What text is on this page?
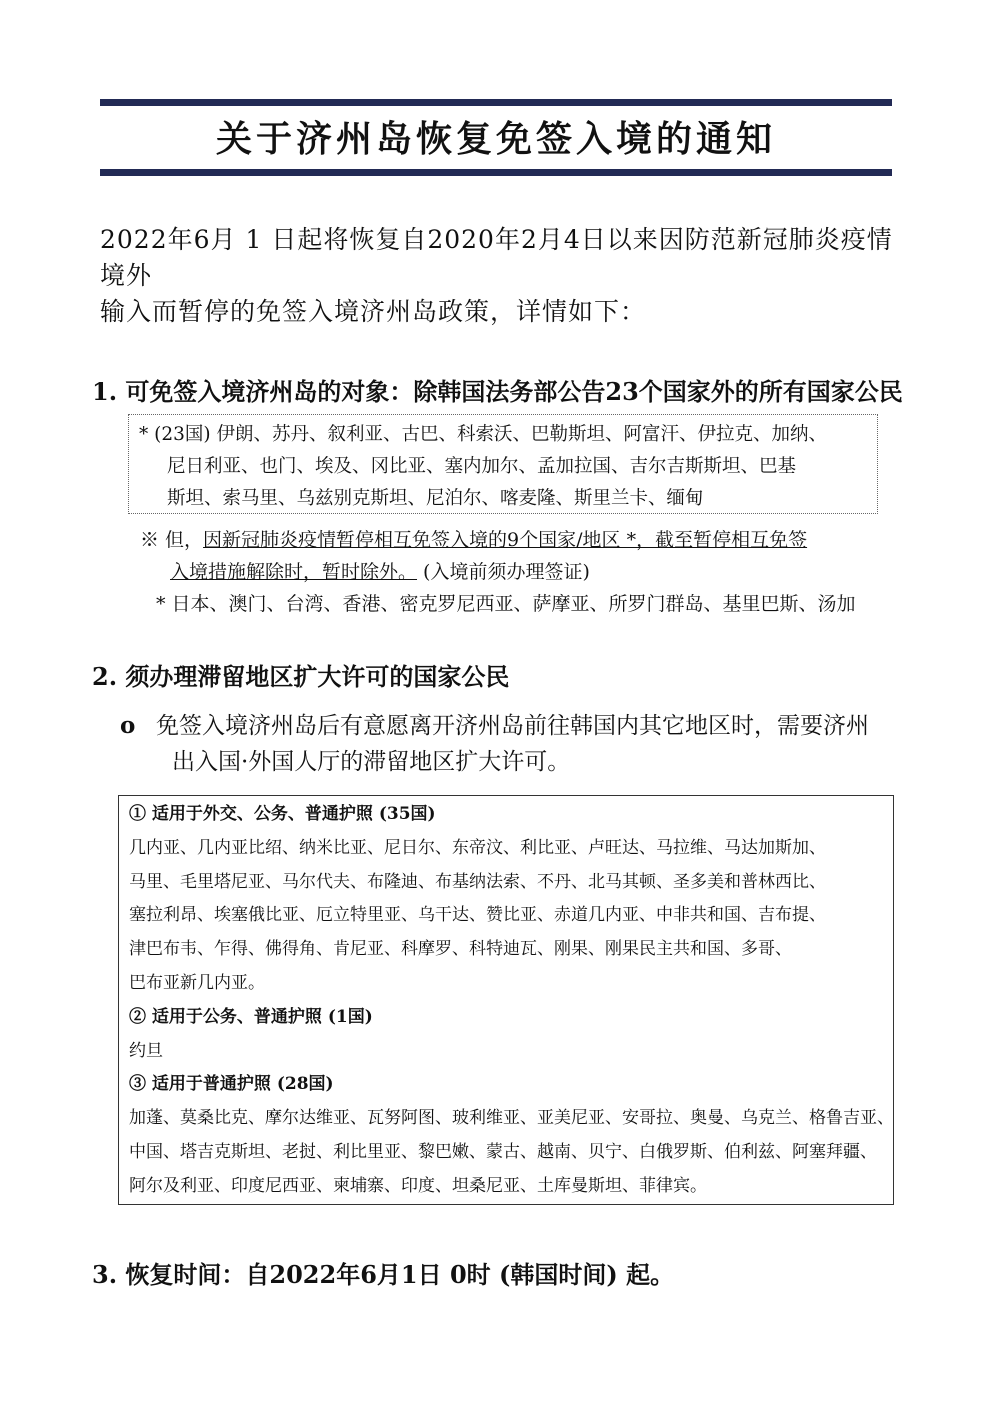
关于济州岛恢复免签入境的通知

2022年6月 1 日起将恢复自2020年2月4日以来因防范新冠肺炎疫情境外

输入而暂停的免签入境济州岛政策，详情如下：

1. 可免签入境济州岛的对象：除韩国法务部公告23个国家外的所有国家公民
* (23国) 伊朗、苏丹、叙利亚、古巴、科索沃、巴勒斯坦、阿富汗、伊拉克、加纳、
尼日利亚、也门、埃及、冈比亚、塞内加尔、孟加拉国、吉尔吉斯斯坦、巴基
斯坦、索马里、乌兹别克斯坦、尼泊尔、喀麦隆、斯里兰卡、缅甸
※ 但，因新冠肺炎疫情暂停相互免签入境的9个国家/地区 *，截至暂停相互免签
入境措施解除时，暂时除外。 (入境前须办理签证)
* 日本、澳门、台湾、香港、密克罗尼西亚、萨摩亚、所罗门群岛、基里巴斯、汤加
2. 须办理滞留地区扩大许可的国家公民
o 免签入境济州岛后有意愿离开济州岛前往韩国内其它地区时，需要济州
出入国·外国人厅的滞留地区扩大许可。
① 适用于外交、公务、普通护照 (35国)
几内亚、几内亚比绍、纳米比亚、尼日尔、东帝汶、利比亚、卢旺达、马拉维、马达加斯加、
马里、毛里塔尼亚、马尔代夫、布隆迪、布基纳法索、不丹、北马其顿、圣多美和普林西比、
塞拉利昂、埃塞俄比亚、厄立特里亚、乌干达、赞比亚、赤道几内亚、中非共和国、吉布提、
津巴布韦、乍得、佛得角、肯尼亚、科摩罗、科特迪瓦、刚果、刚果民主共和国、多哥、
巴布亚新几内亚。
② 适用于公务、普通护照 (1国)
约旦
③ 适用于普通护照 (28国)
加蓬、莫桑比克、摩尔达维亚、瓦努阿图、玻利维亚、亚美尼亚、安哥拉、奥曼、乌克兰、格鲁吉亚、
中国、塔吉克斯坦、老挝、利比里亚、黎巴嫩、蒙古、越南、贝宁、白俄罗斯、伯利兹、阿塞拜疆、
阿尔及利亚、印度尼西亚、柬埔寨、印度、坦桑尼亚、土库曼斯坦、菲律宾。
3. 恢复时间：自2022年6月1日 0时 (韩国时间) 起。
